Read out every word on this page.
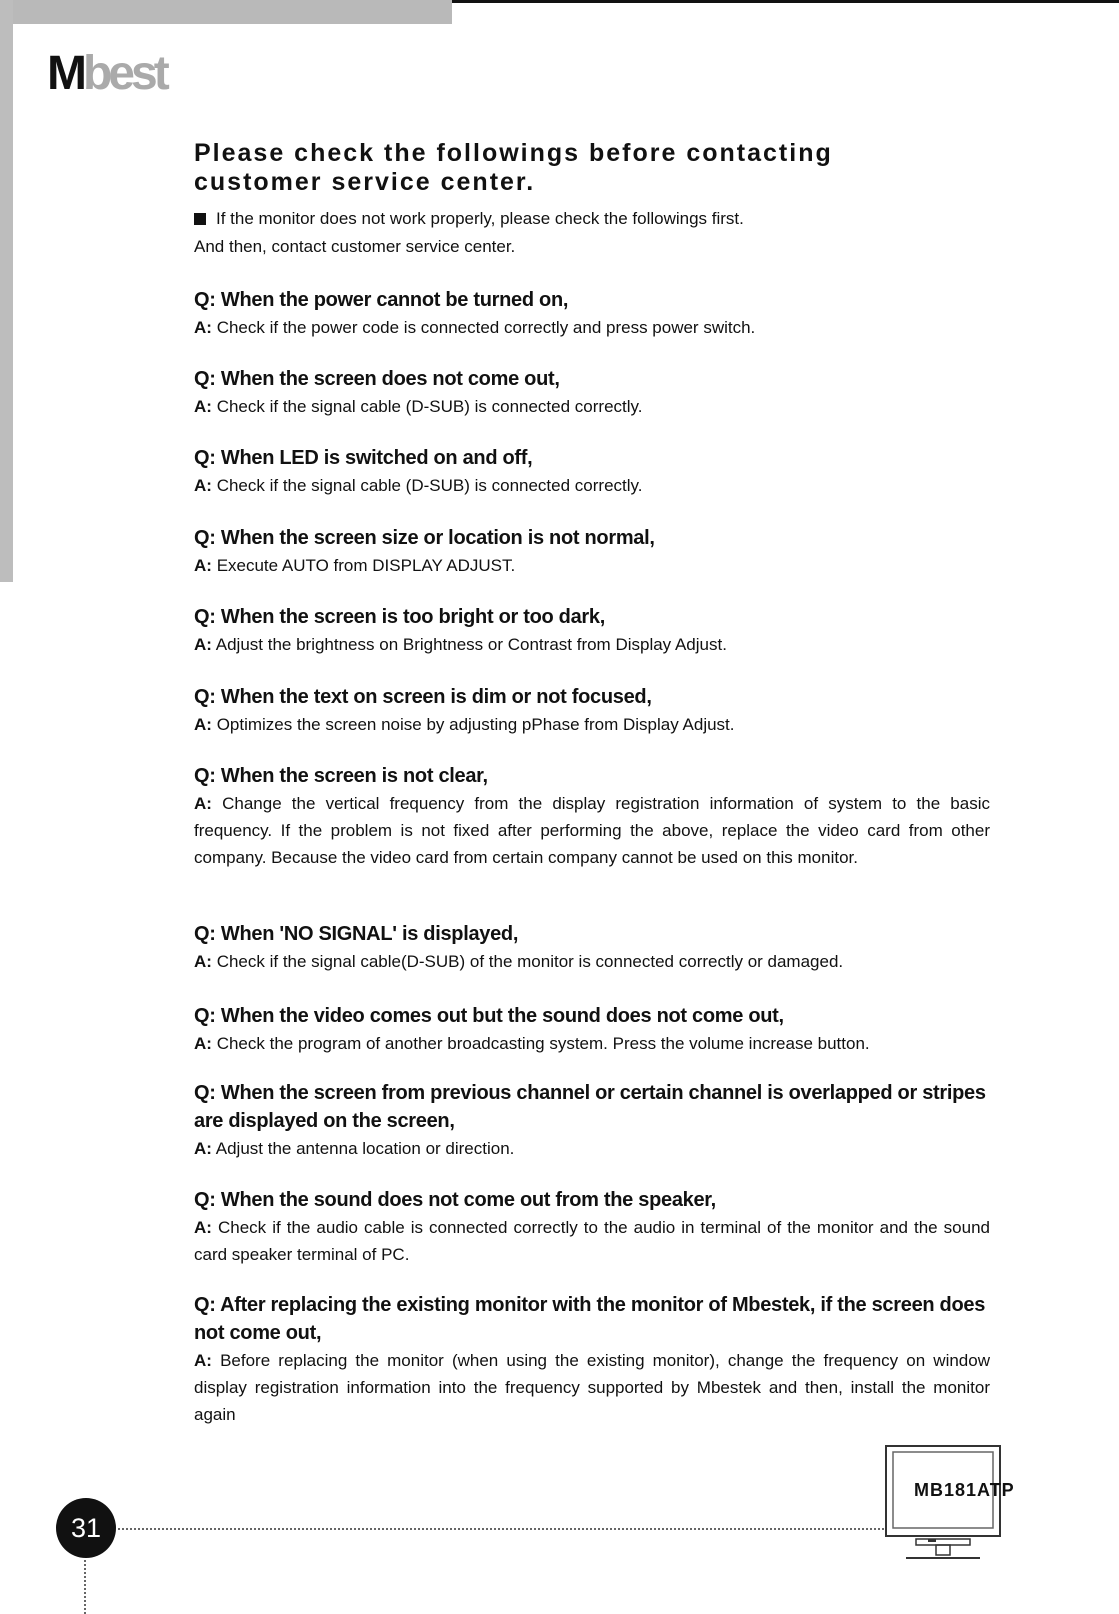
Mbest
Please check the followings before contacting customer service center.
If the monitor does not work properly, please check the followings first.
And then, contact customer service center.

Q: When the power cannot be turned on,

A: Check if the power code is connected correctly and press power switch.

Q: When the screen does not come out,

A: Check if the signal cable (D-SUB) is connected correctly.

Q: When LED is switched on and off,

A: Check if the signal cable (D-SUB) is connected correctly.

Q: When the screen size or location is not normal,

A: Execute AUTO from DISPLAY ADJUST.

Q: When the screen is too bright or too dark,

A: Adjust the brightness on Brightness or Contrast from Display Adjust.

Q: When the text on screen is dim or not focused,

A: Optimizes the screen noise by adjusting pPhase from Display Adjust.

Q: When the screen is not clear,

A: Change the vertical frequency from the display registration information of system to the basic frequency. If the problem is not fixed after performing the above, replace the video card from other company. Because the video card from certain company cannot be used on this monitor.

Q: When 'NO SIGNAL' is displayed,

A: Check if the signal cable(D-SUB) of the monitor is connected correctly or damaged.

Q: When the video comes out but the sound does not come out,

A: Check the program of another broadcasting system. Press the volume increase button.

Q: When the screen from previous channel or certain channel is overlapped or stripes are displayed on the screen,

A: Adjust the antenna location or direction.

Q: When the sound does not come out from the speaker,

A: Check if the audio cable is connected correctly to the audio in terminal of the monitor and the sound card speaker terminal of PC.

Q: After replacing the existing monitor with the monitor of Mbestek, if the screen does not come out,

A: Before replacing the monitor (when using the existing monitor), change the frequency on window display registration information into the frequency supported by Mbestek and then, install the monitor again

31
MB181ATP
